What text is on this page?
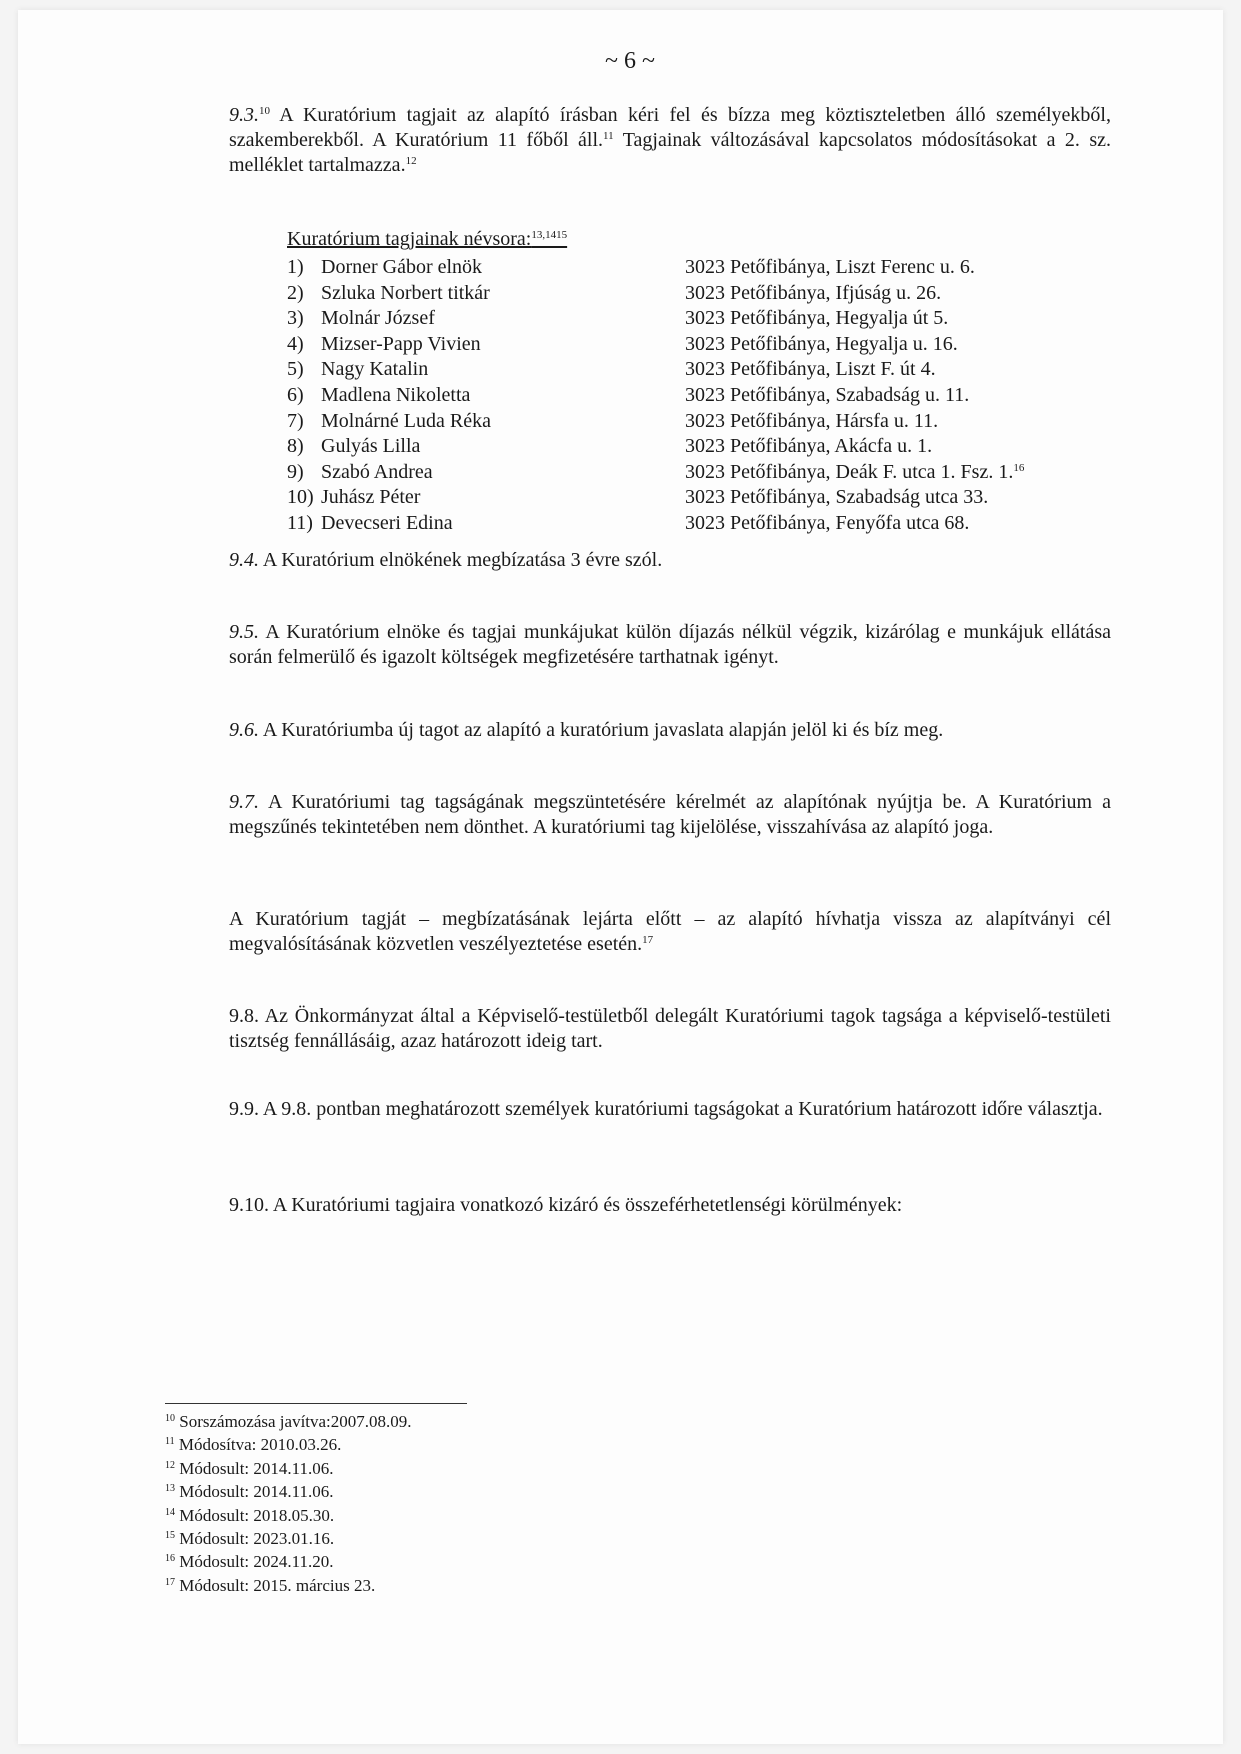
~ 6 ~

9.3.10 A Kuratórium tagjait az alapító írásban kéri fel és bízza meg köztiszteletben álló személyekből, szakemberekből. A Kuratórium 11 főből áll.$^{11}$ Tagjainak változásával kapcsolatos módosításokat a 2. sz. melléklet tartalmazza.$^{12}$

Kuratórium tagjainak névsora:$^{13,1415}$
1) Dorner Gábor elnök	3023 Petőfibánya, Liszt Ferenc u. 6.
2) Szluka Norbert titkár	3023 Petőfibánya, Ifjúság u. 26.
3) Molnár József	3023 Petőfibánya, Hegyalja út 5.
4) Mizser-Papp Vivien	3023 Petőfibánya, Hegyalja u. 16.
5) Nagy Katalin	3023 Petőfibánya, Liszt F. út 4.
6) Madlena Nikoletta	3023 Petőfibánya, Szabadság u. 11.
7) Molnárné Luda Réka	3023 Petőfibánya, Hársfa u. 11.
8) Gulyás Lilla	3023 Petőfibánya, Akácfa u. 1.
9) Szabó Andrea	3023 Petőfibánya, Deák F. utca 1. Fsz. 1.16
10) Juhász Péter	3023 Petőfibánya, Szabadság utca 33.
11) Devecseri Edina	3023 Petőfibánya, Fenyőfa utca 68.

9.4. A Kuratórium elnökének megbízatása 3 évre szól.

9.5. A Kuratórium elnöke és tagjai munkájukat külön díjazás nélkül végzik, kizárólag e munkájuk ellátása során felmerülő és igazolt költségek megfizetésére tarthatnak igényt.

9.6. A Kuratóriumba új tagot az alapító a kuratórium javaslata alapján jelöl ki és bíz meg.

9.7. A Kuratóriumi tag tagságának megszüntetésére kérelmét az alapítónak nyújtja be. A Kuratórium a megszűnés tekintetében nem dönthet. A kuratóriumi tag kijelölése, visszahívása az alapító joga.

A Kuratórium tagját – megbízatásának lejárta előtt – az alapító hívhatja vissza az alapítványi cél megvalósításának közvetlen veszélyeztetése esetén.$^{17}$

9.8. Az Önkormányzat által a Képviselő-testületből delegált Kuratóriumi tagok tagsága a képviselő-testületi tisztség fennállásáig, azaz határozott ideig tart.

9.9. A 9.8. pontban meghatározott személyek kuratóriumi tagságokat a Kuratórium határozott időre választja.

9.10. A Kuratóriumi tagjaira vonatkozó kizáró és összeférhetetlenségi körülmények:

$^{10}$ Sorszámozása javítva:2007.08.09.
$^{11}$ Módosítva: 2010.03.26.
$^{12}$ Módosult: 2014.11.06.
$^{13}$ Módosult: 2014.11.06.
$^{14}$ Módosult: 2018.05.30.
$^{15}$ Módosult: 2023.01.16.
$^{16}$ Módosult: 2024.11.20.
$^{17}$ Módosult: 2015. március 23.
